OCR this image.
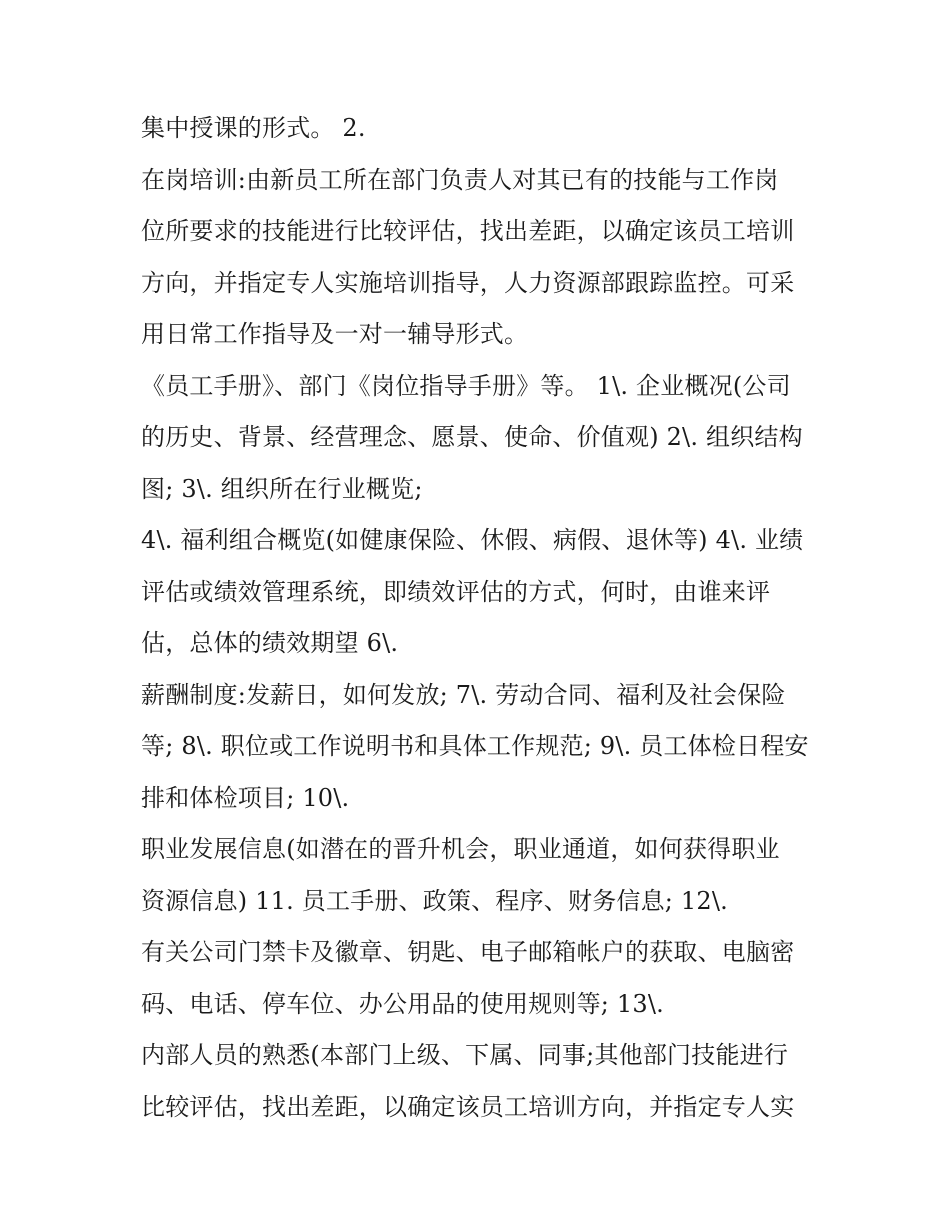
集中授课的形式。 2.
在岗培训:由新员工所在部门负责人对其已有的技能与工作岗
位所要求的技能进行比较评估，找出差距，以确定该员工培训
方向，并指定专人实施培训指导，人力资源部跟踪监控。可采
用日常工作指导及一对一辅导形式。
《员工手册》、部门《岗位指导手册》等。 1\. 企业概况(公司
的历史、背景、经营理念、愿景、使命、价值观) 2\. 组织结构
图; 3\. 组织所在行业概览;
4\. 福利组合概览(如健康保险、休假、病假、退休等) 4\. 业绩
评估或绩效管理系统，即绩效评估的方式，何时，由谁来评
估，总体的绩效期望 6\.
薪酬制度:发薪日，如何发放; 7\. 劳动合同、福利及社会保险
等; 8\. 职位或工作说明书和具体工作规范; 9\. 员工体检日程安
排和体检项目; 10\.
职业发展信息(如潜在的晋升机会，职业通道，如何获得职业
资源信息) 11. 员工手册、政策、程序、财务信息; 12\.
有关公司门禁卡及徽章、钥匙、电子邮箱帐户的获取、电脑密
码、电话、停车位、办公用品的使用规则等; 13\.
内部人员的熟悉(本部门上级、下属、同事;其他部门技能进行
比较评估，找出差距，以确定该员工培训方向，并指定专人实
